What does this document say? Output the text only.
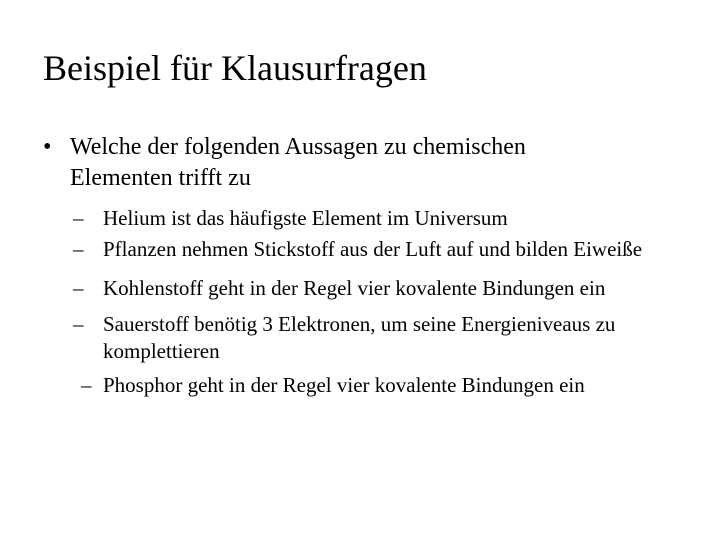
Beispiel für Klausurfragen
• Welche der folgenden Aussagen zu chemischen Elementen trifft zu
– Helium ist das häufigste Element im Universum
– Pflanzen nehmen Stickstoff aus der Luft auf und bilden Eiweiße
– Kohlenstoff geht in der Regel vier kovalente Bindungen ein
– Sauerstoff benötig 3 Elektronen, um seine Energieniveaus zu komplettieren
– Phosphor geht in der Regel vier kovalente Bindungen ein
